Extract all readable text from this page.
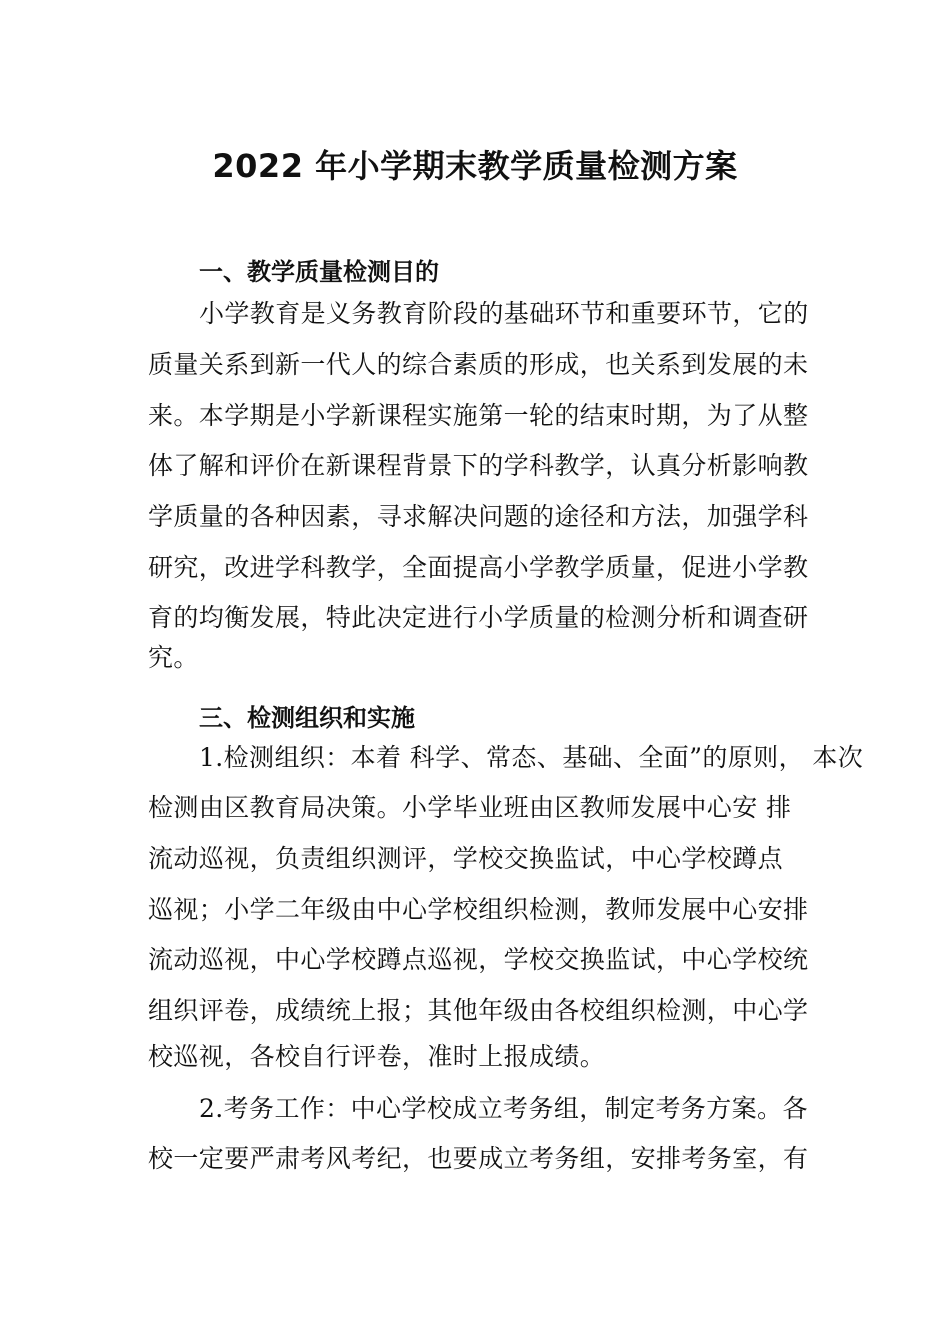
2022 年小学期末教学质量检测方案
一、教学质量检测目的
小学教育是义务教育阶段的基础环节和重要环节，它的
质量关系到新一代人的综合素质的形成，也关系到发展的未
来。本学期是小学新课程实施第一轮的结束时期，为了从整
体了解和评价在新课程背景下的学科教学，认真分析影响教
学质量的各种因素，寻求解决问题的途径和方法，加强学科
研究，改进学科教学，全面提高小学教学质量，促进小学教
育的均衡发展，特此决定进行小学质量的检测分析和调查研
究。
三、检测组织和实施
1.检测组织：本着 科学、常态、基础、全面”的原则， 本次
检测由区教育局决策。小学毕业班由区教师发展中心安 排
流动巡视，负责组织测评，学校交换监试，中心学校蹲点
巡视；小学二年级由中心学校组织检测，教师发展中心安排
流动巡视，中心学校蹲点巡视，学校交换监试，中心学校统
组织评卷，成绩统上报；其他年级由各校组织检测，中心学
校巡视，各校自行评卷，准时上报成绩。
2.考务工作：中心学校成立考务组，制定考务方案。各
校一定要严肃考风考纪，也要成立考务组，安排考务室，有
